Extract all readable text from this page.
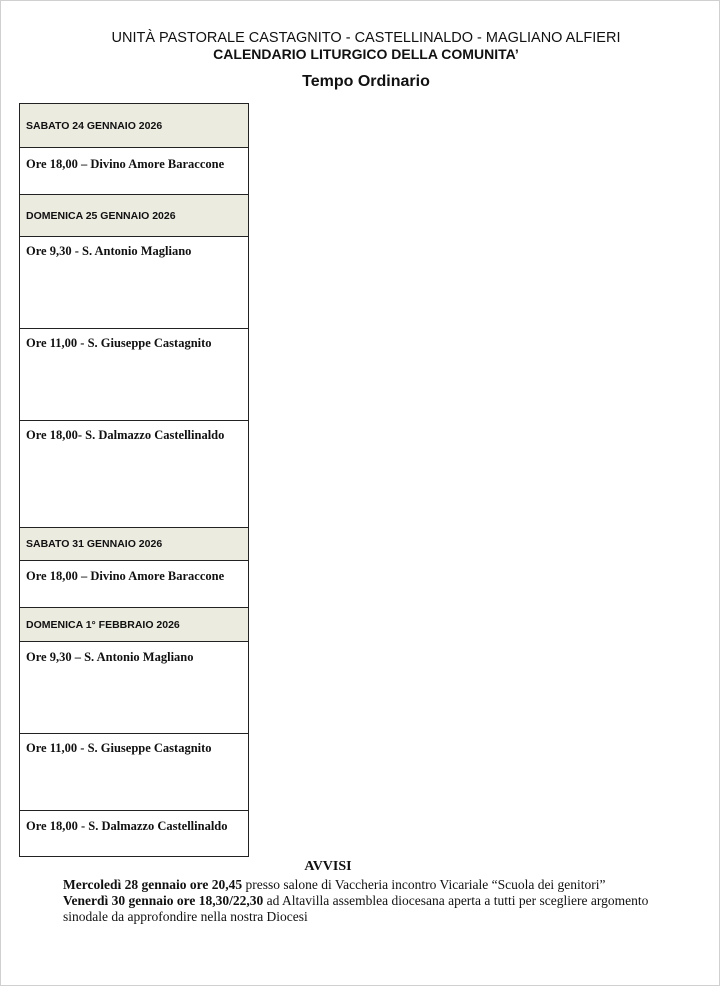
UNITÀ PASTORALE CASTAGNITO - CASTELLINALDO - MAGLIANO ALFIERI
CALENDARIO LITURGICO DELLA COMUNITA’
Tempo Ordinario
SABATO 24 GENNAIO 2026
Ore 18,00 – Divino Amore Baraccone
DOMENICA 25 GENNAIO 2026
Ore 9,30 - S. Antonio Magliano
Ore 11,00 - S. Giuseppe Castagnito
Ore 18,00- S. Dalmazzo Castellinaldo
SABATO 31 GENNAIO 2026
Ore 18,00 – Divino Amore Baraccone
DOMENICA 1° FEBBRAIO 2026
Ore 9,30 – S. Antonio Magliano
Ore 11,00 - S. Giuseppe Castagnito
Ore 18,00 - S. Dalmazzo Castellinaldo
AVVISI
Mercoledì 28 gennaio ore 20,45 presso salone di Vaccheria incontro Vicariale “Scuola dei genitori”
Venerdì 30 gennaio ore 18,30/22,30 ad Altavilla assemblea diocesana aperta a tutti per scegliere argomento sinodale da approfondire nella nostra Diocesi
